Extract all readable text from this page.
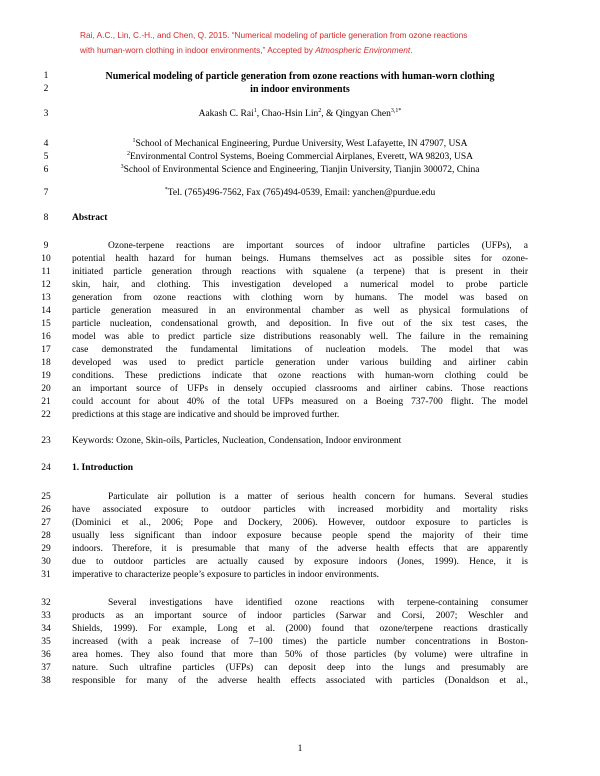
Rai, A.C., Lin, C.-H., and Chen, Q. 2015. “Numerical modeling of particle generation from ozone reactions
with human-worn clothing in indoor environments,” Accepted by Atmospheric Environment.
1
2
3
4
5
6
7
8
9
10
11
12
13
14
15
16
17
18
19
20
21
22
23
24
25
26
27
28
29
30
31
32
33
34
35
36
37
38
Numerical modeling of particle generation from ozone reactions with human-worn clothing
in indoor environments
Aakash C. Rai$^1$, Chao-Hsin Lin$^2$, & Qingyan Chen$^{3,1*}$
$^1$School of Mechanical Engineering, Purdue University, West Lafayette, IN 47907, USA
$^2$Environmental Control Systems, Boeing Commercial Airplanes, Everett, WA 98203, USA
$^3$School of Environmental Science and Engineering, Tianjin University, Tianjin 300072, China
*Tel. (765)496-7562, Fax (765)494-0539, Email: yanchen@purdue.edu
Abstract
Ozone-terpene reactions are important sources of indoor ultrafine particles (UFPs), a
potential health hazard for human beings. Humans themselves act as possible sites for ozone-
initiated particle generation through reactions with squalene (a terpene) that is present in their
skin, hair, and clothing. This investigation developed a numerical model to probe particle
generation from ozone reactions with clothing worn by humans. The model was based on
particle generation measured in an environmental chamber as well as physical formulations of
particle nucleation, condensational growth, and deposition. In five out of the six test cases, the
model was able to predict particle size distributions reasonably well. The failure in the remaining
case demonstrated the fundamental limitations of nucleation models. The model that was
developed was used to predict particle generation under various building and airliner cabin
conditions. These predictions indicate that ozone reactions with human-worn clothing could be
an important source of UFPs in densely occupied classrooms and airliner cabins. Those reactions
could account for about 40% of the total UFPs measured on a Boeing 737-700 flight. The model
predictions at this stage are indicative and should be improved further.
Keywords: Ozone, Skin-oils, Particles, Nucleation, Condensation, Indoor environment
1. Introduction
Particulate air pollution is a matter of serious health concern for humans. Several studies
have associated exposure to outdoor particles with increased morbidity and mortality risks
(Dominici et al., 2006; Pope and Dockery, 2006). However, outdoor exposure to particles is
usually less significant than indoor exposure because people spend the majority of their time
indoors. Therefore, it is presumable that many of the adverse health effects that are apparently
due to outdoor particles are actually caused by exposure indoors (Jones, 1999). Hence, it is
imperative to characterize people’s exposure to particles in indoor environments.
Several investigations have identified ozone reactions with terpene-containing consumer
products as an important source of indoor particles (Sarwar and Corsi, 2007; Weschler and
Shields, 1999). For example, Long et al. (2000) found that ozone/terpene reactions drastically
increased (with a peak increase of 7–100 times) the particle number concentrations in Boston-
area homes. They also found that more than 50% of those particles (by volume) were ultrafine in
nature. Such ultrafine particles (UFPs) can deposit deep into the lungs and presumably are
responsible for many of the adverse health effects associated with particles (Donaldson et al.,
1
